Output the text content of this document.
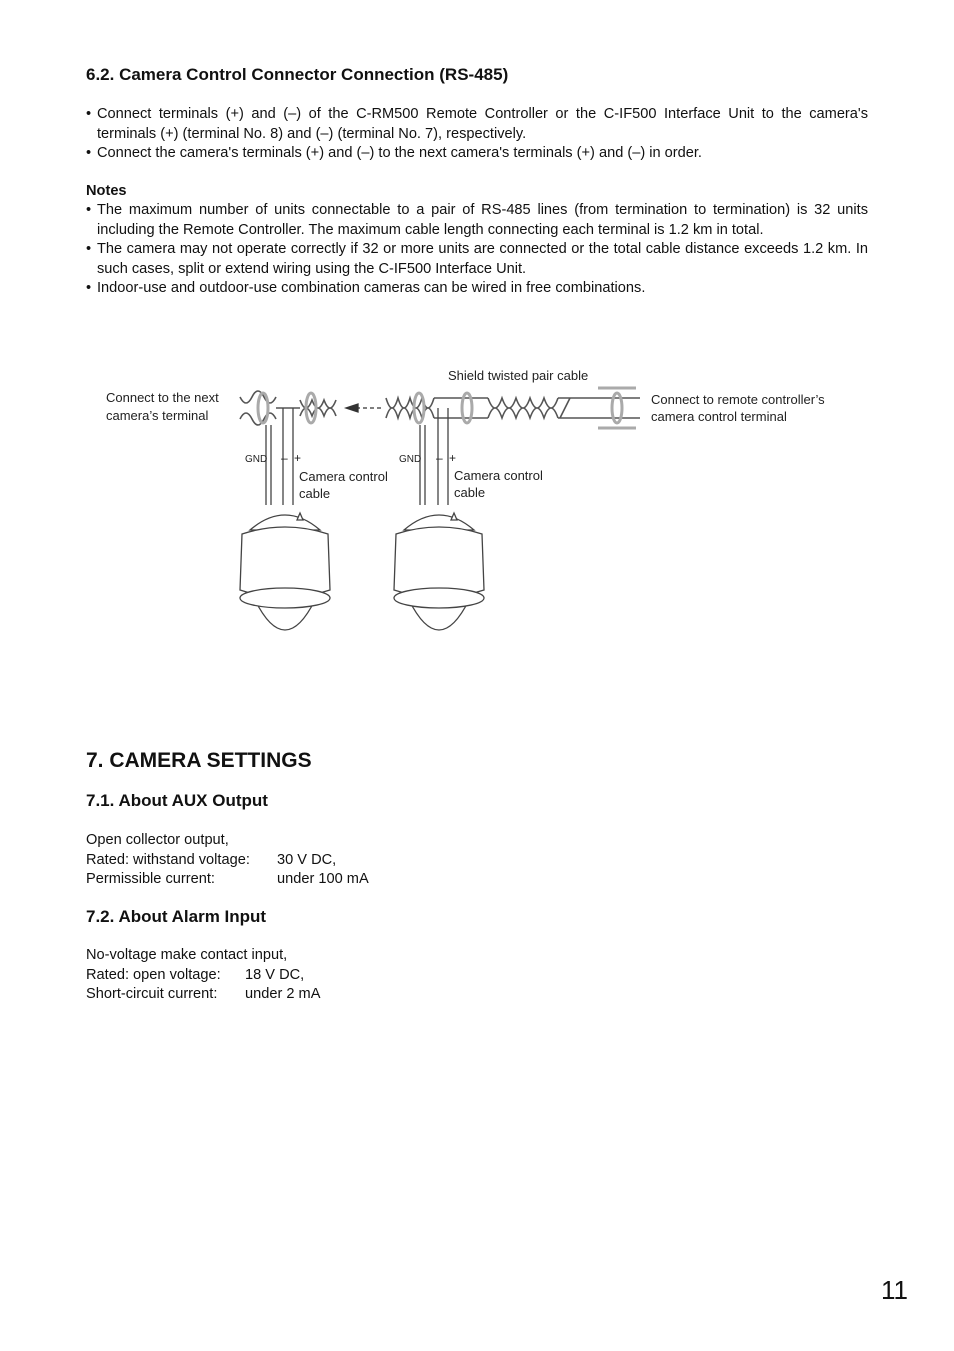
6.2. Camera Control Connector Connection (RS-485)
• Connect terminals (+) and (–) of the C-RM500 Remote Controller or the C-IF500 Interface Unit to the camera's terminals (+) (terminal No. 8) and (–) (terminal No. 7), respectively.
• Connect the camera's terminals (+) and (–) to the next camera's terminals (+) and (–) in order.
Notes
• The maximum number of units connectable to a pair of RS-485 lines (from termination to termination) is 32 units including the Remote Controller. The maximum cable length connecting each terminal is 1.2 km in total.
• The camera may not operate correctly if 32 or more units are connected or the total cable distance exceeds 1.2 km. In such cases, split or extend wiring using the C-IF500 Interface Unit.
• Indoor-use and outdoor-use combination cameras can be wired in free combinations.
Connect to the next
camera’s terminal
Shield twisted pair cable
Connect to remote controller’s
camera control terminal
GND – +
Camera control
cable
GND – +
Camera control
cable
7. CAMERA SETTINGS
7.1. About AUX Output
Open collector output,
Rated: withstand voltage:	30 V DC,
Permissible current:	under 100 mA
7.2. About Alarm Input
No-voltage make contact input,
Rated: open voltage:	18 V DC,
Short-circuit current:	under 2 mA
11
